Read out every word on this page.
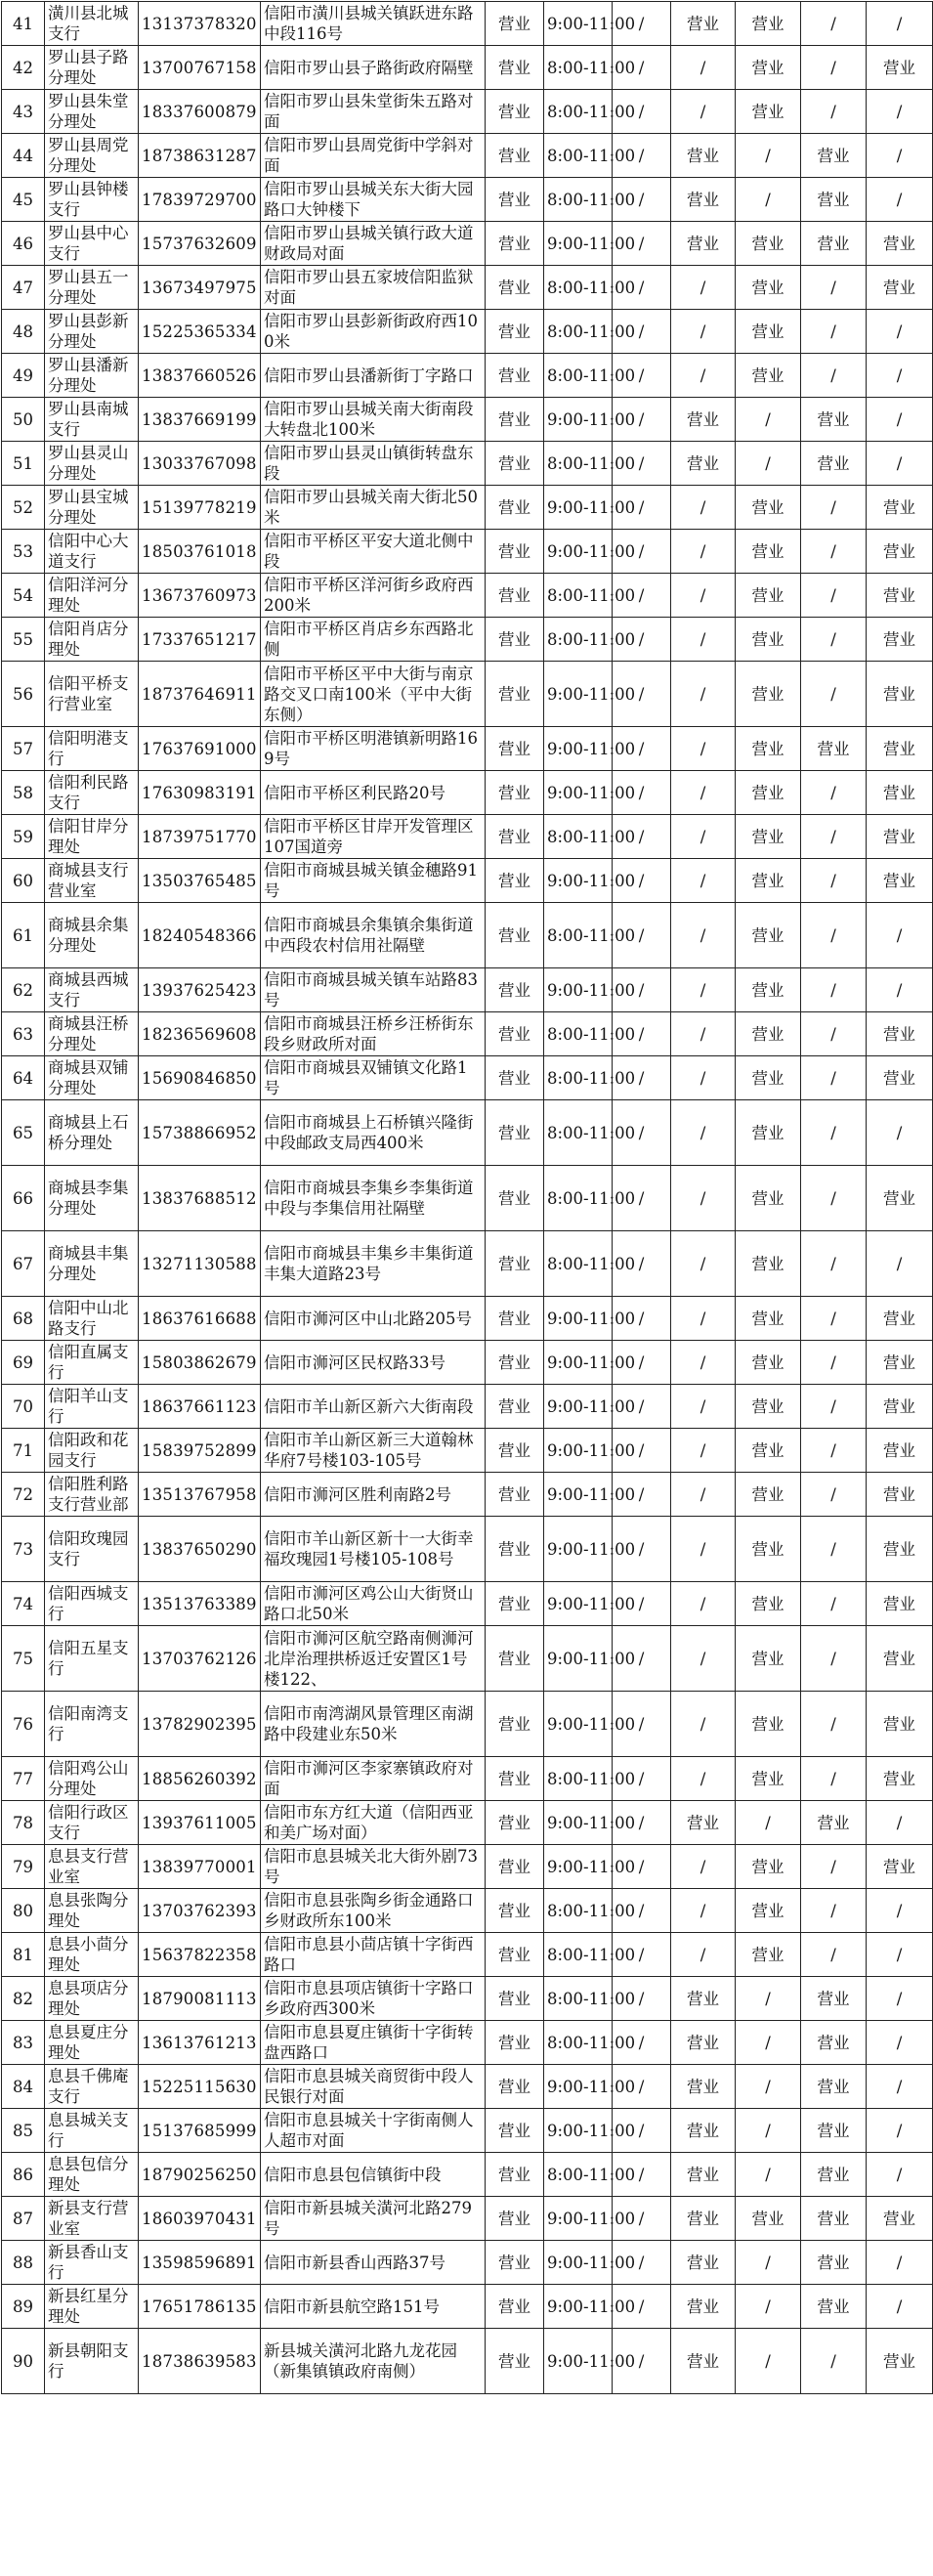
41	潢川县北城支行	13137378320	信阳市潢川县城关镇跃进东路中段116号	营业	9:00-11:00	/	营业	营业	/	/
42	罗山县子路分理处	13700767158	信阳市罗山县子路街政府隔壁	营业	8:00-11:00	/	/	营业	/	营业
43	罗山县朱堂分理处	18337600879	信阳市罗山县朱堂街朱五路对面	营业	8:00-11:00	/	/	营业	/	/
44	罗山县周党分理处	18738631287	信阳市罗山县周党街中学斜对面	营业	8:00-11:00	/	营业	/	营业	/
45	罗山县钟楼支行	17839729700	信阳市罗山县城关东大街大园路口大钟楼下	营业	8:00-11:00	/	营业	/	营业	/
46	罗山县中心支行	15737632609	信阳市罗山县城关镇行政大道财政局对面	营业	9:00-11:00	/	营业	营业	营业	营业
47	罗山县五一分理处	13673497975	信阳市罗山县五家坡信阳监狱对面	营业	8:00-11:00	/	/	营业	/	营业
48	罗山县彭新分理处	15225365334	信阳市罗山县彭新街政府西100米	营业	8:00-11:00	/	/	营业	/	/
49	罗山县潘新分理处	13837660526	信阳市罗山县潘新街丁字路口	营业	8:00-11:00	/	/	营业	/	/
50	罗山县南城支行	13837669199	信阳市罗山县城关南大街南段大转盘北100米	营业	9:00-11:00	/	营业	/	营业	/
51	罗山县灵山分理处	13033767098	信阳市罗山县灵山镇街转盘东段	营业	8:00-11:00	/	营业	/	营业	/
52	罗山县宝城分理处	15139778219	信阳市罗山县城关南大街北50米	营业	9:00-11:00	/	/	营业	/	营业
53	信阳中心大道支行	18503761018	信阳市平桥区平安大道北侧中段	营业	9:00-11:00	/	/	营业	/	营业
54	信阳洋河分理处	13673760973	信阳市平桥区洋河街乡政府西200米	营业	8:00-11:00	/	/	营业	/	营业
55	信阳肖店分理处	17337651217	信阳市平桥区肖店乡东西路北侧	营业	8:00-11:00	/	/	营业	/	营业
56	信阳平桥支行营业室	18737646911	信阳市平桥区平中大街与南京路交叉口南100米（平中大街东侧）	营业	9:00-11:00	/	/	营业	/	营业
57	信阳明港支行	17637691000	信阳市平桥区明港镇新明路169号	营业	9:00-11:00	/	/	营业	营业	营业
58	信阳利民路支行	17630983191	信阳市平桥区利民路20号	营业	9:00-11:00	/	/	营业	/	营业
59	信阳甘岸分理处	18739751770	信阳市平桥区甘岸开发管理区107国道旁	营业	8:00-11:00	/	/	营业	/	营业
60	商城县支行营业室	13503765485	信阳市商城县城关镇金穗路91号	营业	9:00-11:00	/	/	营业	/	营业
61	商城县余集分理处	18240548366	信阳市商城县余集镇余集街道中西段农村信用社隔壁	营业	8:00-11:00	/	/	营业	/	/
62	商城县西城支行	13937625423	信阳市商城县城关镇车站路83号	营业	9:00-11:00	/	/	营业	/	/
63	商城县汪桥分理处	18236569608	信阳市商城县汪桥乡汪桥街东段乡财政所对面	营业	8:00-11:00	/	/	营业	/	营业
64	商城县双铺分理处	15690846850	信阳市商城县双铺镇文化路1号	营业	8:00-11:00	/	/	营业	/	营业
65	商城县上石桥分理处	15738866952	信阳市商城县上石桥镇兴隆街中段邮政支局西400米	营业	8:00-11:00	/	/	营业	/	/
66	商城县李集分理处	13837688512	信阳市商城县李集乡李集街道中段与李集信用社隔壁	营业	8:00-11:00	/	/	营业	/	营业
67	商城县丰集分理处	13271130588	信阳市商城县丰集乡丰集街道丰集大道路23号	营业	8:00-11:00	/	/	营业	/	/
68	信阳中山北路支行	18637616688	信阳市浉河区中山北路205号	营业	9:00-11:00	/	/	营业	/	营业
69	信阳直属支行	15803862679	信阳市浉河区民权路33号	营业	9:00-11:00	/	/	营业	/	营业
70	信阳羊山支行	18637661123	信阳市羊山新区新六大街南段	营业	9:00-11:00	/	/	营业	/	营业
71	信阳政和花园支行	15839752899	信阳市羊山新区新三大道翰林华府7号楼103-105号	营业	9:00-11:00	/	/	营业	/	营业
72	信阳胜利路支行营业部	13513767958	信阳市浉河区胜利南路2号	营业	9:00-11:00	/	/	营业	/	营业
73	信阳玫瑰园支行	13837650290	信阳市羊山新区新十一大街幸福玫瑰园1号楼105-108号	营业	9:00-11:00	/	/	营业	/	营业
74	信阳西城支行	13513763389	信阳市浉河区鸡公山大街贤山路口北50米	营业	9:00-11:00	/	/	营业	/	营业
75	信阳五星支行	13703762126	信阳市浉河区航空路南侧浉河北岸治理拱桥返迁安置区1号楼122、	营业	9:00-11:00	/	/	营业	/	营业
76	信阳南湾支行	13782902395	信阳市南湾湖风景管理区南湖路中段建业东50米	营业	9:00-11:00	/	/	营业	/	营业
77	信阳鸡公山分理处	18856260392	信阳市浉河区李家寨镇政府对面	营业	8:00-11:00	/	/	营业	/	营业
78	信阳行政区支行	13937611005	信阳市东方红大道（信阳西亚和美广场对面）	营业	9:00-11:00	/	营业	/	营业	/
79	息县支行营业室	13839770001	信阳市息县城关北大街外剧73号	营业	9:00-11:00	/	/	营业	/	营业
80	息县张陶分理处	13703762393	信阳市息县张陶乡街金通路口乡财政所东100米	营业	8:00-11:00	/	/	营业	/	/
81	息县小茴分理处	15637822358	信阳市息县小茴店镇十字街西路口	营业	8:00-11:00	/	/	营业	/	/
82	息县项店分理处	18790081113	信阳市息县项店镇街十字路口乡政府西300米	营业	8:00-11:00	/	营业	/	营业	/
83	息县夏庄分理处	13613761213	信阳市息县夏庄镇街十字街转盘西路口	营业	8:00-11:00	/	营业	/	营业	/
84	息县千佛庵支行	15225115630	信阳市息县城关商贸街中段人民银行对面	营业	9:00-11:00	/	营业	/	营业	/
85	息县城关支行	15137685999	信阳市息县城关十字街南侧人人超市对面	营业	9:00-11:00	/	营业	/	营业	/
86	息县包信分理处	18790256250	信阳市息县包信镇街中段	营业	8:00-11:00	/	营业	/	营业	/
87	新县支行营业室	18603970431	信阳市新县城关潢河北路279号	营业	9:00-11:00	/	营业	营业	营业	营业
88	新县香山支行	13598596891	信阳市新县香山西路37号	营业	9:00-11:00	/	营业	/	营业	/
89	新县红星分理处	17651786135	信阳市新县航空路151号	营业	9:00-11:00	/	营业	/	营业	/
90	新县朝阳支行	18738639583	新县城关潢河北路九龙花园（新集镇镇政府南侧）	营业	9:00-11:00	/	营业	/	/	营业
